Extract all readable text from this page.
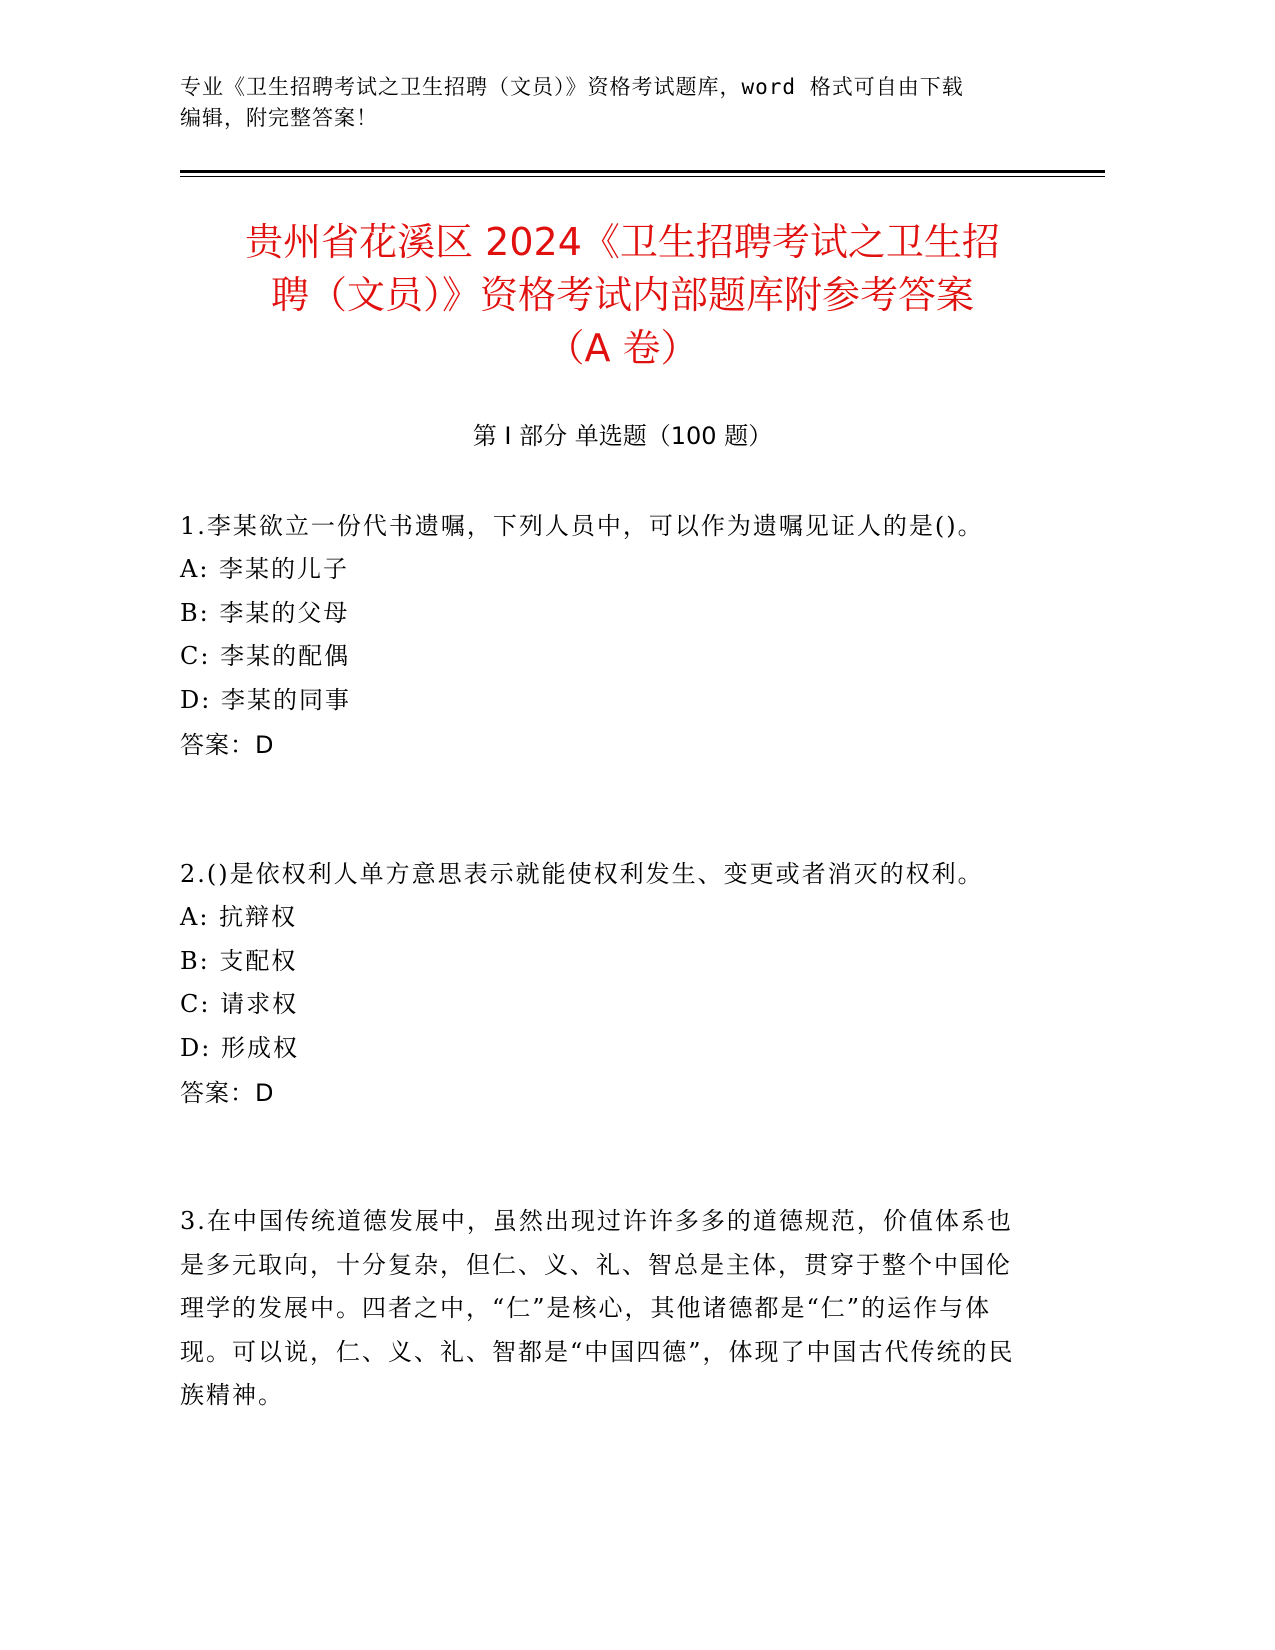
专业《卫生招聘考试之卫生招聘（文员）》资格考试题库，word 格式可自由下载
编辑，附完整答案！
贵州省花溪区 2024《卫生招聘考试之卫生招
聘（文员）》资格考试内部题库附参考答案
（A 卷）
第 I 部分 单选题（100 题）

1.李某欲立一份代书遗嘱，下列人员中，可以作为遗嘱见证人的是()。

A: 李某的儿子

B: 李某的父母

C: 李某的配偶

D: 李某的同事

答案：D

2.()是依权利人单方意思表示就能使权利发生、变更或者消灭的权利。

A: 抗辩权

B: 支配权

C: 请求权

D: 形成权

答案：D

3.在中国传统道德发展中，虽然出现过许许多多的道德规范，价值体系也是多元取向，十分复杂，但仁、义、礼、智总是主体，贯穿于整个中国伦理学的发展中。四者之中，“仁”是核心，其他诸德都是“仁”的运作与体现。可以说，仁、义、礼、智都是“中国四德”，体现了中国古代传统的民族精神。
